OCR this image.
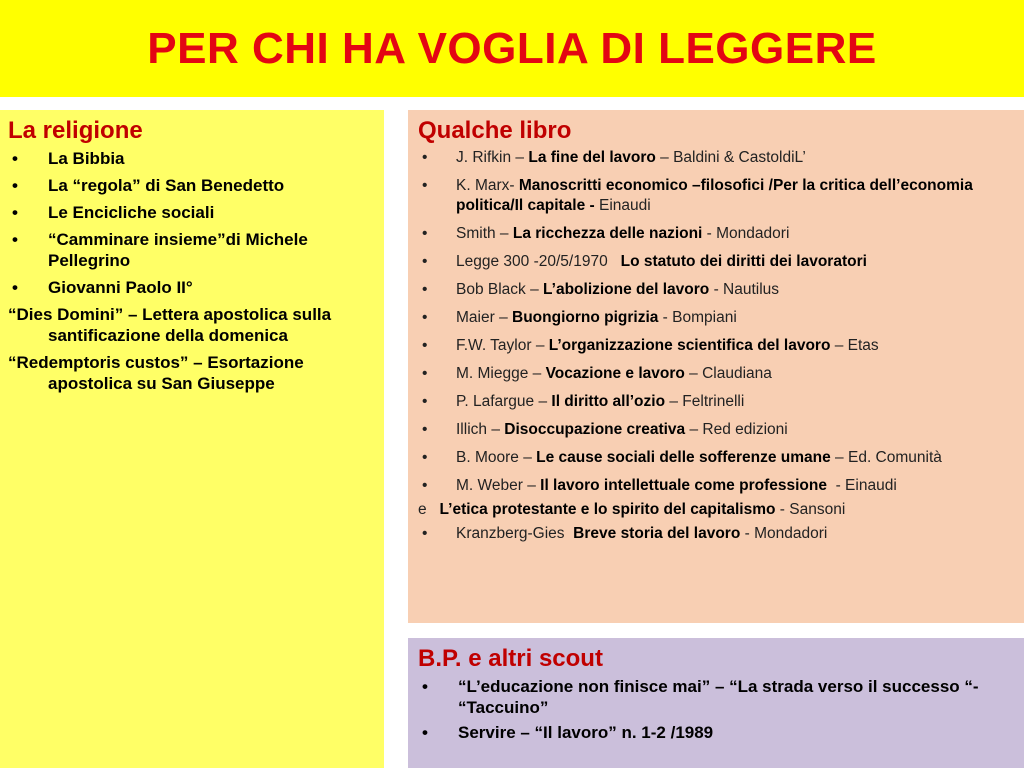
PER CHI HA VOGLIA DI LEGGERE
La religione
•	La Bibbia
•	La “regola” di San Benedetto
•	Le Encicliche sociali
•	“Camminare insieme”di Michele Pellegrino
•	Giovanni Paolo II°
“Dies Domini” – Lettera apostolica sulla santificazione della domenica
“Redemptoris custos” – Esortazione apostolica su San Giuseppe
Qualche libro
•	J. Rifkin – La fine del lavoro – Baldini & CastoldiL’
•	K. Marx- Manoscritti economico –filosofici /Per la critica dell’economia politica/Il capitale - Einaudi
•	Smith – La ricchezza delle nazioni - Mondadori
•	Legge 300 -20/5/1970   Lo statuto dei diritti dei lavoratori
•	Bob Black – L’abolizione del lavoro - Nautilus
•	Maier – Buongiorno pigrizia - Bompiani
•	F.W. Taylor – L’organizzazione scientifica del lavoro – Etas
•	M. Miegge – Vocazione e lavoro – Claudiana
•	P. Lafargue – Il diritto all’ozio – Feltrinelli
•	Illich – Disoccupazione creativa – Red edizioni
•	B. Moore – Le cause sociali delle sofferenze umane – Ed. Comunità
•	M. Weber – Il lavoro intellettuale come professione  - Einaudi
e   L’etica protestante e lo spirito del capitalismo - Sansoni
•	Kranzberg-Gies  Breve storia del lavoro - Mondadori
B.P. e altri scout
•	“L’educazione non finisce mai” – “La strada verso il successo “- “Taccuino”
•	Servire – “Il lavoro” n. 1-2 /1989
